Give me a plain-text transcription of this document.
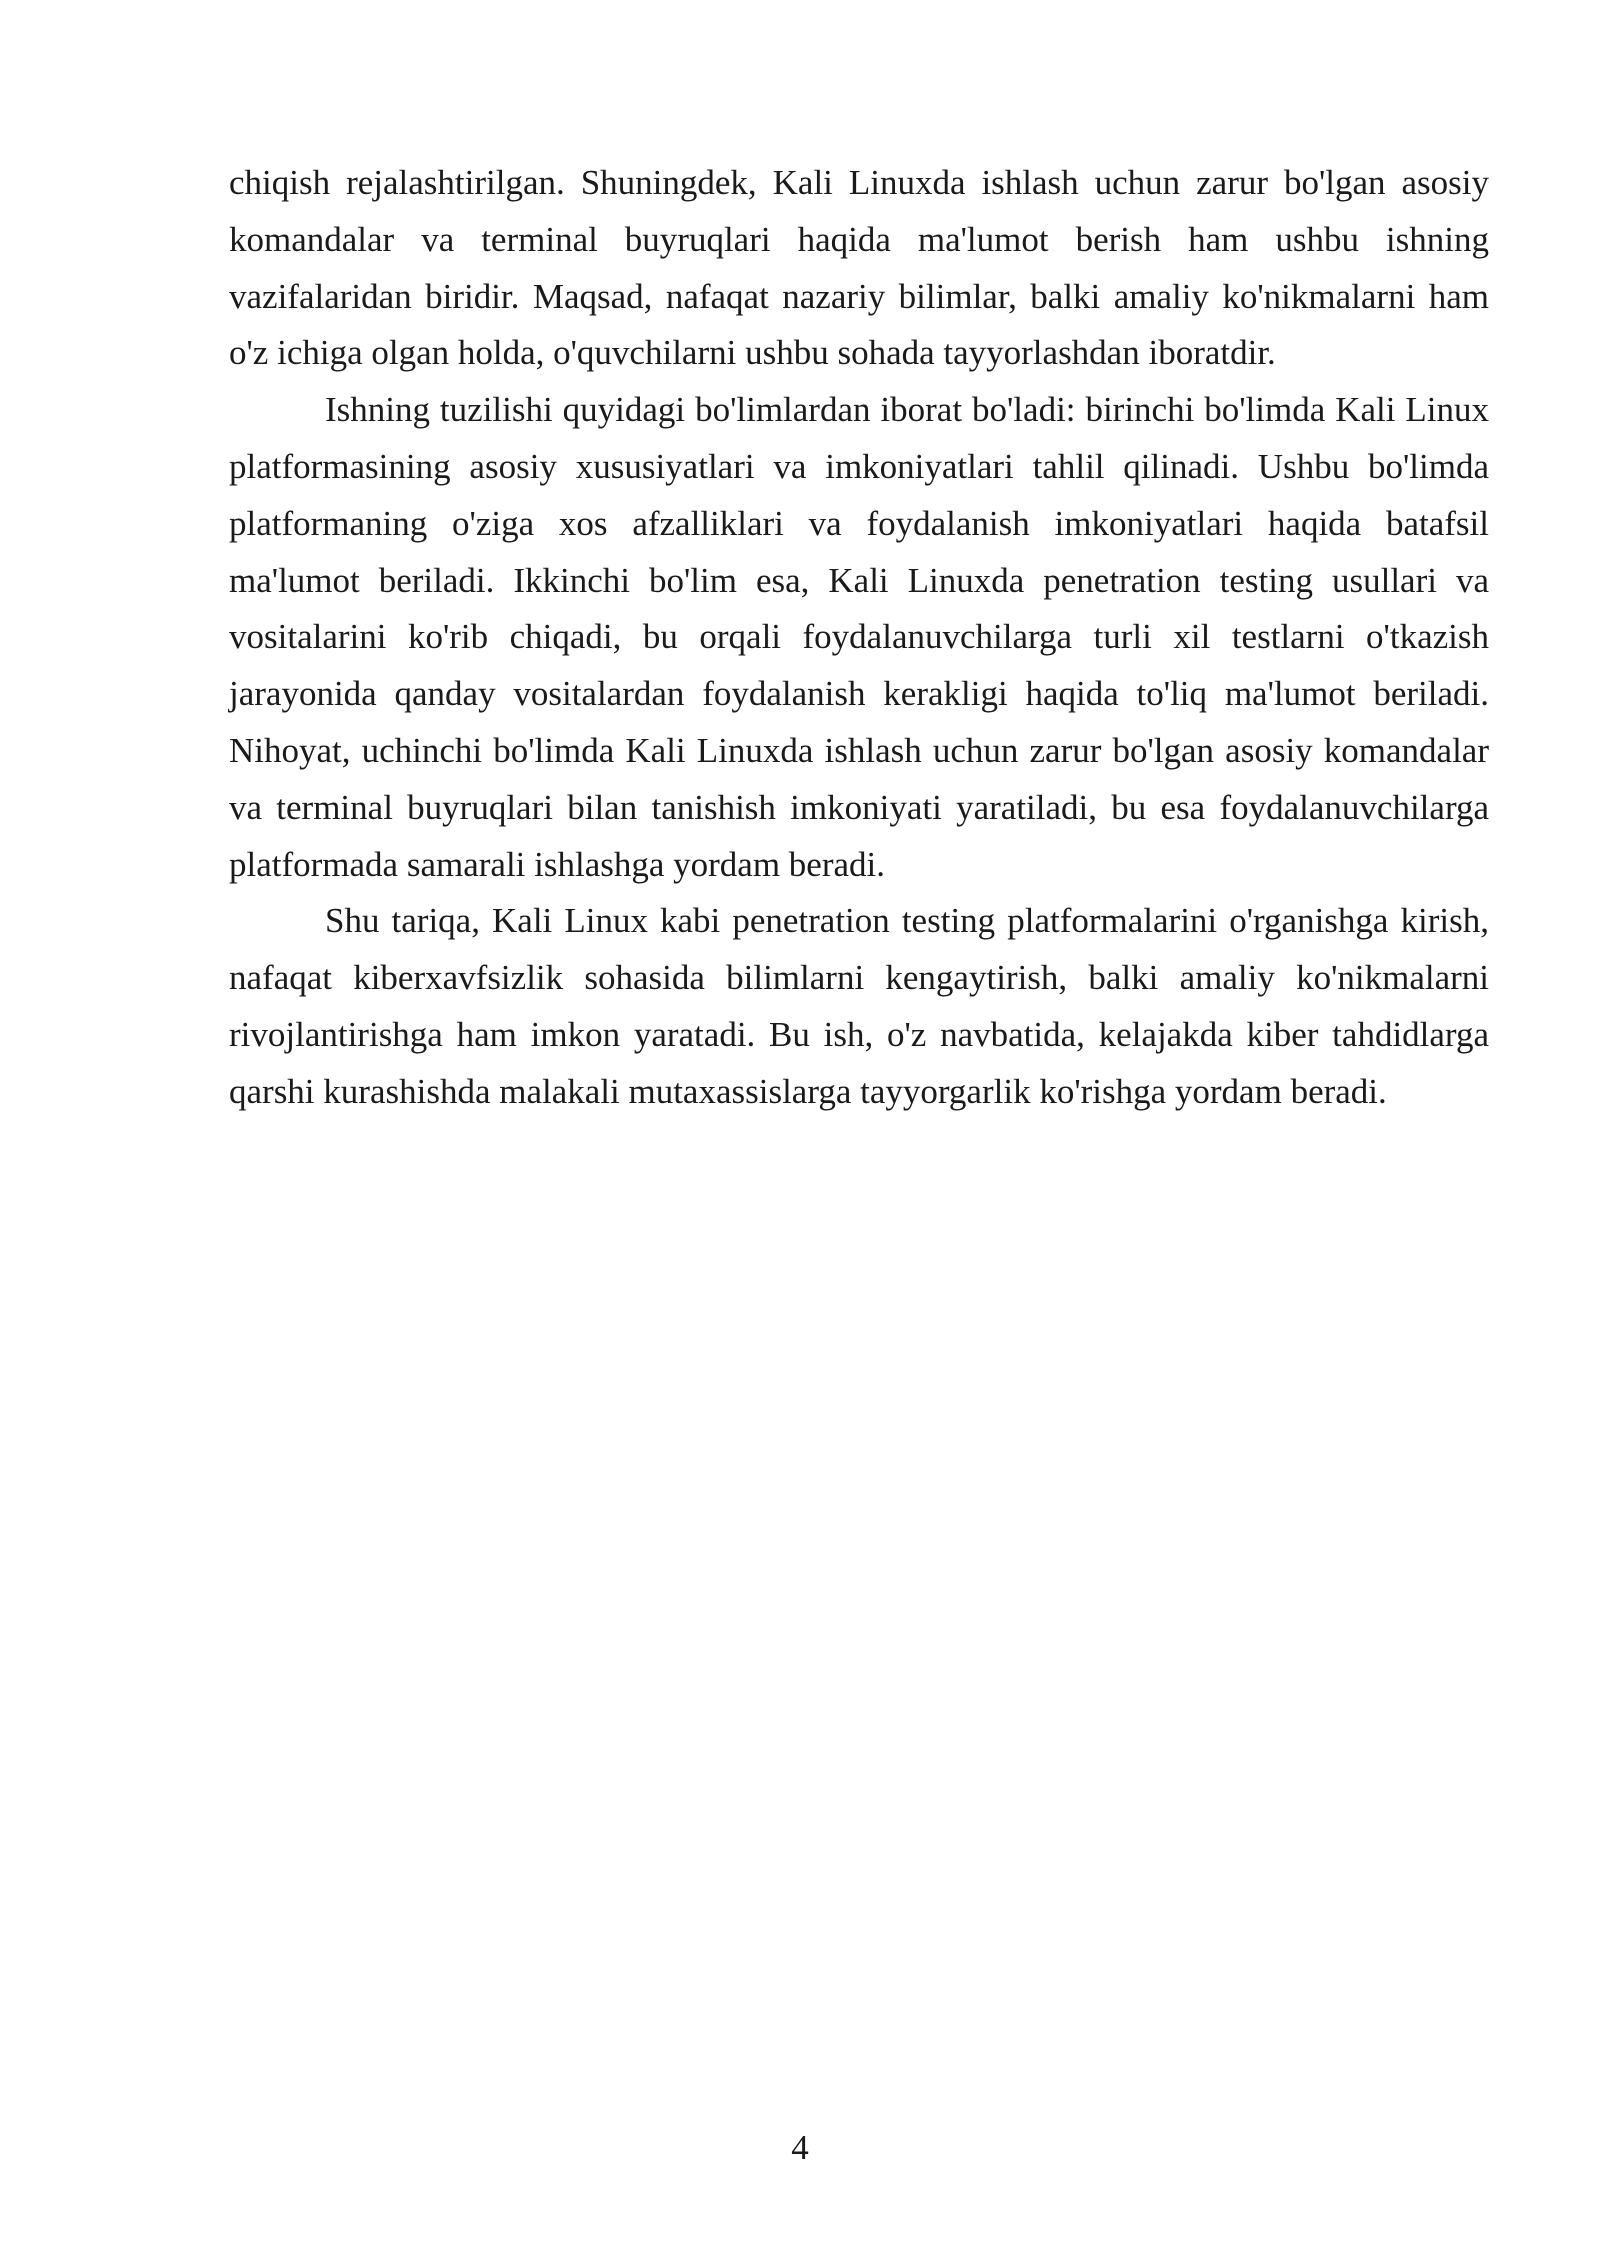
chiqish rejalashtirilgan. Shuningdek, Kali Linuxda ishlash uchun zarur bo'lgan asosiy komandalar va terminal buyruqlari haqida ma'lumot berish ham ushbu ishning vazifalaridan biridir. Maqsad, nafaqat nazariy bilimlar, balki amaliy ko'nikmalarni ham o'z ichiga olgan holda, o'quvchilarni ushbu sohada tayyorlashdan iboratdir.

Ishning tuzilishi quyidagi bo'limlardan iborat bo'ladi: birinchi bo'limda Kali Linux platformasining asosiy xususiyatlari va imkoniyatlari tahlil qilinadi. Ushbu bo'limda platformaning o'ziga xos afzalliklari va foydalanish imkoniyatlari haqida batafsil ma'lumot beriladi. Ikkinchi bo'lim esa, Kali Linuxda penetration testing usullari va vositalarini ko'rib chiqadi, bu orqali foydalanuvchilarga turli xil testlarni o'tkazish jarayonida qanday vositalardan foydalanish kerakligi haqida to'liq ma'lumot beriladi. Nihoyat, uchinchi bo'limda Kali Linuxda ishlash uchun zarur bo'lgan asosiy komandalar va terminal buyruqlari bilan tanishish imkoniyati yaratiladi, bu esa foydalanuvchilarga platformada samarali ishlashga yordam beradi.

Shu tariqa, Kali Linux kabi penetration testing platformalarini o'rganishga kirish, nafaqat kiberxavfsizlik sohasida bilimlarni kengaytirish, balki amaliy ko'nikmalarni rivojlantirishga ham imkon yaratadi. Bu ish, o'z navbatida, kelajakda kiber tahdidlarga qarshi kurashishda malakali mutaxassislarga tayyorgarlik ko'rishga yordam beradi.

4
